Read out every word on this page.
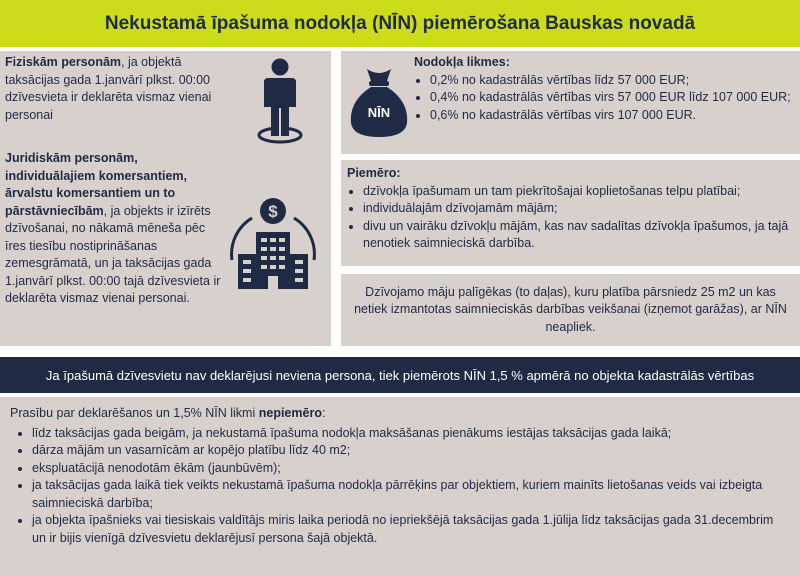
Nekustamā īpašuma nodokļa (NĪN) piemērošana Bauskas novadā
Fiziskām personām, ja objektā taksācijas gada 1.janvārī plkst. 00:00 dzīvesvieta ir deklarēta vismaz vienai personai
Juridiskām personām, individuālajiem komersantiem, ārvalstu komersantiem un to pārstāvniecībām, ja objekts ir izīrēts dzīvošanai, no nākamā mēneša pēc īres tiesību nostiprināšanas zemesgrāmatā, un ja taksācijas gada 1.janvārī plkst. 00:00 tajā dzīvesvieta ir deklarēta vismaz vienai personai.
$
NĪN
Nodokļa likmes:
• 0,2% no kadastrālās vērtības līdz 57 000 EUR;
• 0,4% no kadastrālās vērtības virs 57 000 EUR līdz 107 000 EUR;
• 0,6% no kadastrālās vērtības virs 107 000 EUR.
Piemēro:
• dzīvokļa īpašumam un tam piekrītošajai koplietošanas telpu platībai;
• individuālajām dzīvojamām mājām;
• divu un vairāku dzīvokļu mājām, kas nav sadalītas dzīvokļa īpašumos, ja tajā nenotiek saimnieciskā darbība.
Dzīvojamo māju palīgēkas (to daļas), kuru platība pārsniedz 25 m2 un kas netiek izmantotas saimnieciskās darbības veikšanai (izņemot garāžas), ar NĪN neapliek.
Ja īpašumā dzīvesvietu nav deklarējusi neviena persona, tiek piemērots NĪN 1,5 % apmērā no objekta kadastrālās vērtības
Prasību par deklarēšanos un 1,5% NĪN likmi nepiemēro:
• līdz taksācijas gada beigām, ja nekustamā īpašuma nodokļa maksāšanas pienākums iestājas taksācijas gada laikā;
• dārza mājām un vasarnīcām ar kopējo platību līdz 40 m2;
• ekspluatācijā nenodotām ēkām (jaunbūvēm);
• ja taksācijas gada laikā tiek veikts nekustamā īpašuma nodokļa pārrēķins par objektiem, kuriem mainīts lietošanas veids vai izbeigta saimnieciskā darbība;
• ja objekta īpašnieks vai tiesiskais valdītājs miris laika periodā no iepriekšējā taksācijas gada 1.jūlija līdz taksācijas gada 31.decembrim un ir bijis vienīgā dzīvesvietu deklarējusī persona šajā objektā.
